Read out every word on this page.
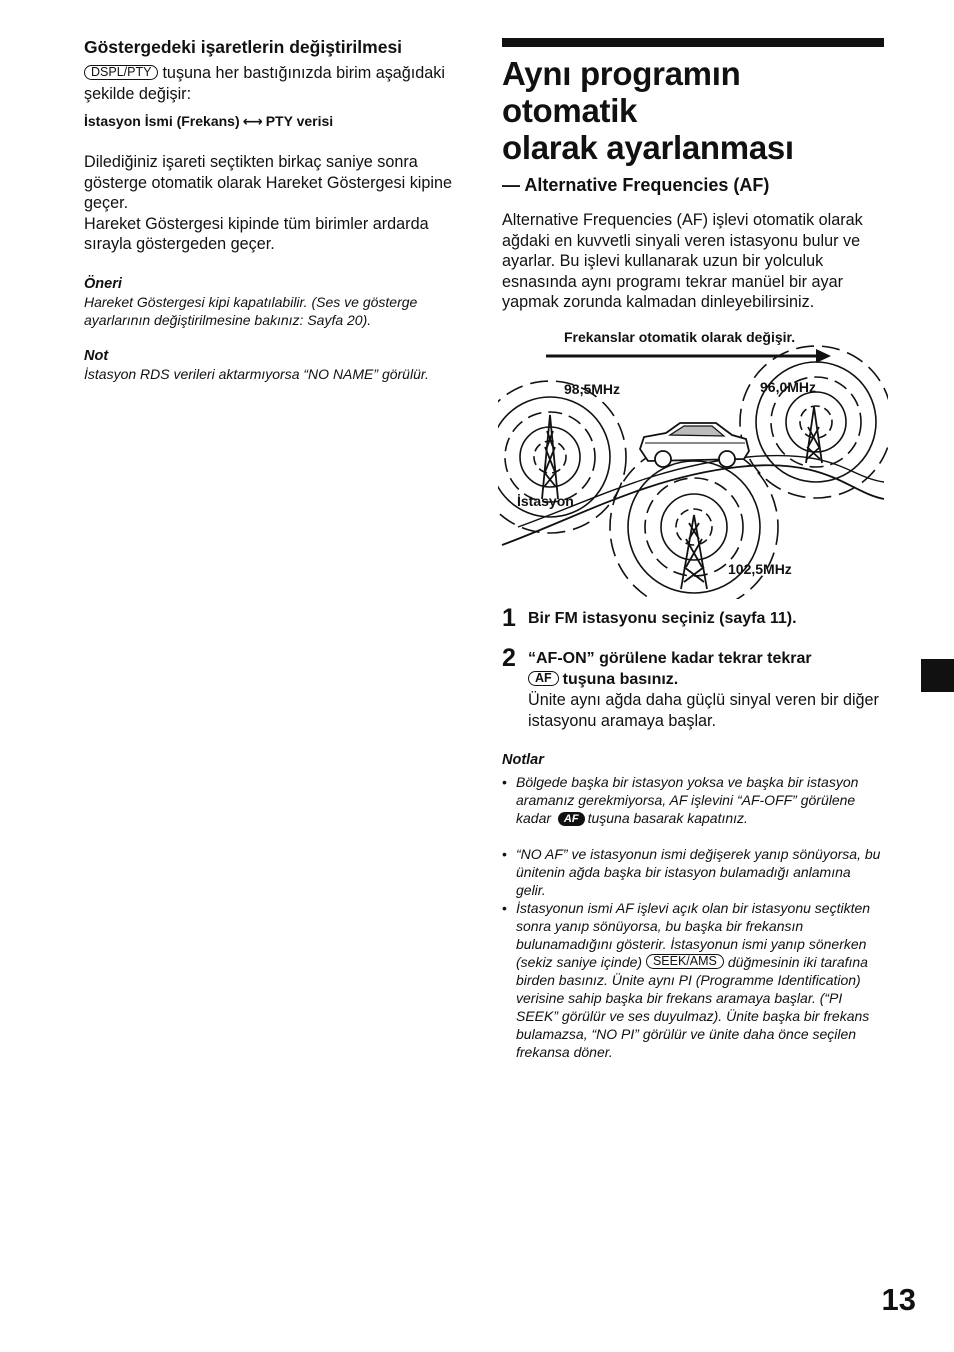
Göstergedeki işaretlerin değiştirilmesi

DSPL/PTY tuşuna her bastığınızda birim aşağıdaki şekilde değişir:

İstasyon İsmi (Frekans) ⟷ PTY verisi

Dilediğiniz işareti seçtikten birkaç saniye sonra gösterge otomatik olarak Hareket Göstergesi kipine geçer.

Hareket Göstergesi kipinde tüm birimler ardarda sırayla göstergeden geçer.

Öneri

Hareket Göstergesi kipi kapatılabilir. (Ses ve gösterge ayarlarının değiştirilmesine bakınız: Sayfa 20).

Not

İstasyon RDS verileri aktarmıyorsa “NO NAME” görülür.

Aynı programın otomatik
olarak ayarlanması
— Alternative Frequencies (AF)

Alternative Frequencies (AF) işlevi otomatik olarak ağdaki en kuvvetli sinyali veren istasyonu bulur ve ayarlar. Bu işlevi kullanarak uzun bir yolculuk esnasında aynı programı tekrar manüel bir ayar yapmak zorunda kalmadan dinleyebilirsiniz.

Frekanslar otomatik olarak değişir.
98,5MHz	96,0MHz
102,5MHz
İstasyon
1 Bir FM istasyonu seçiniz (sayfa 11).

2 “AF-ON” görülene kadar tekrar tekrar
AF tuşuna basınız.

Ünite aynı ağda daha güçlü sinyal veren bir diğer istasyonu aramaya başlar.

Notlar

• Bölgede başka bir istasyon yoksa ve başka bir istasyon aramanız gerekmiyorsa, AF işlevini “AF-OFF” görülene kadar AF tuşuna basarak kapatınız.
• “NO AF” ve istasyonun ismi değişerek yanıp sönüyorsa, bu ünitenin ağda başka bir istasyon bulamadığı anlamına gelir.
• İstasyonun ismi AF işlevi açık olan bir istasyonu seçtikten sonra yanıp sönüyorsa, bu başka bir frekansın bulunamadığını gösterir. İstasyonun ismi yanıp sönerken (sekiz saniye içinde) SEEK/AMS düğmesinin iki tarafına birden basınız. Ünite aynı PI (Programme Identification) verisine sahip başka bir frekans aramaya başlar. (“PI SEEK” görülür ve ses duyulmaz). Ünite başka bir frekans bulamazsa, “NO PI” görülür ve ünite daha önce seçilen frekansa döner.
13
